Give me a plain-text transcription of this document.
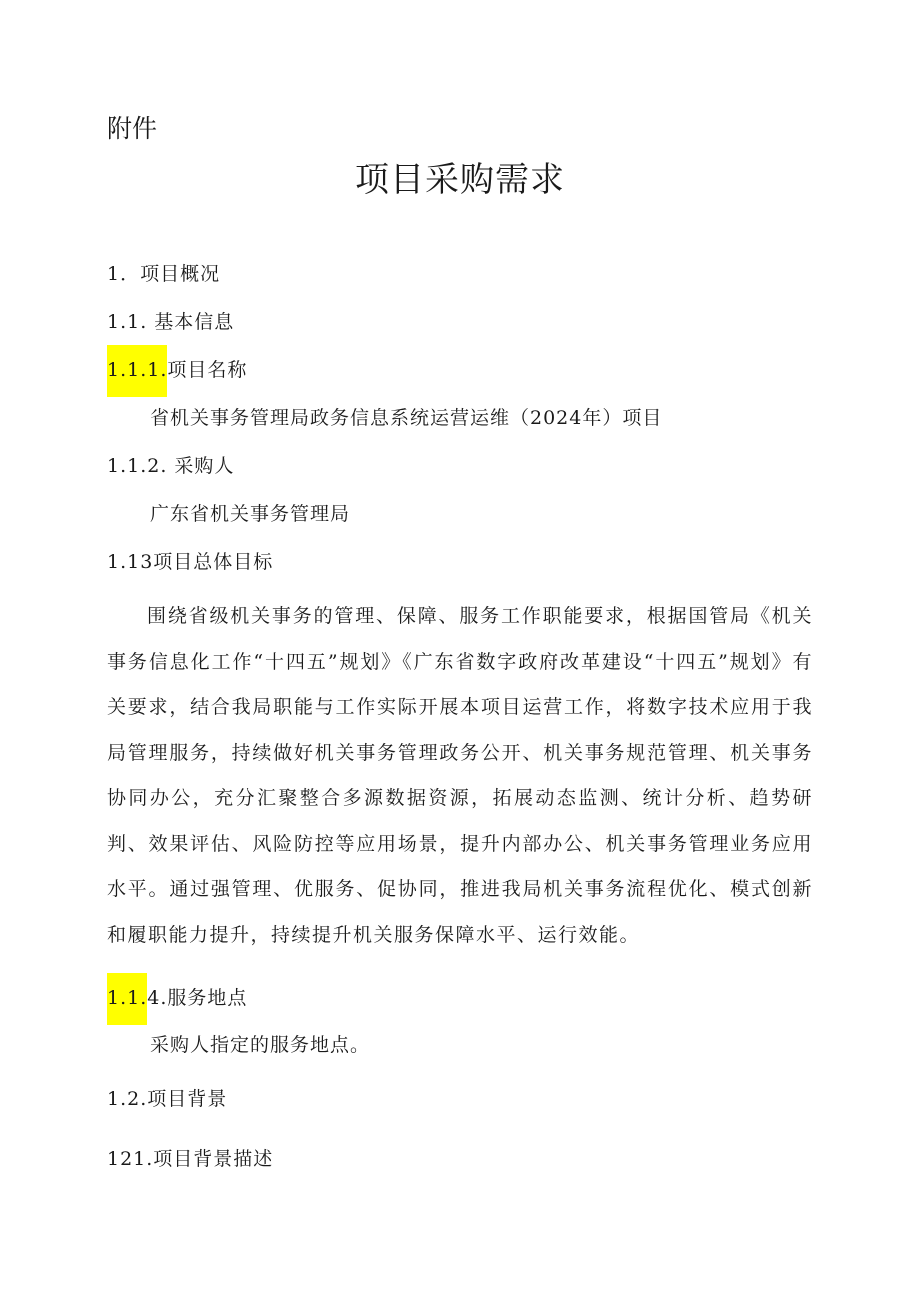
附件
项目采购需求
1．项目概况
1.1. 基本信息
1.1.1.项目名称
省机关事务管理局政务信息系统运营运维（2024年）项目
1.1.2. 采购人
广东省机关事务管理局
1.13项目总体目标

围绕省级机关事务的管理、保障、服务工作职能要求，根据国管局《机关事务信息化工作“十四五”规划》《广东省数字政府改革建设“十四五”规划》有关要求，结合我局职能与工作实际开展本项目运营工作，将数字技术应用于我局管理服务，持续做好机关事务管理政务公开、机关事务规范管理、机关事务协同办公，充分汇聚整合多源数据资源，拓展动态监测、统计分析、趋势研判、效果评估、风险防控等应用场景，提升内部办公、机关事务管理业务应用水平。通过强管理、优服务、促协同，推进我局机关事务流程优化、模式创新和履职能力提升，持续提升机关服务保障水平、运行效能。

1.1.4.服务地点
采购人指定的服务地点。
1.2.项目背景
121.项目背景描述
